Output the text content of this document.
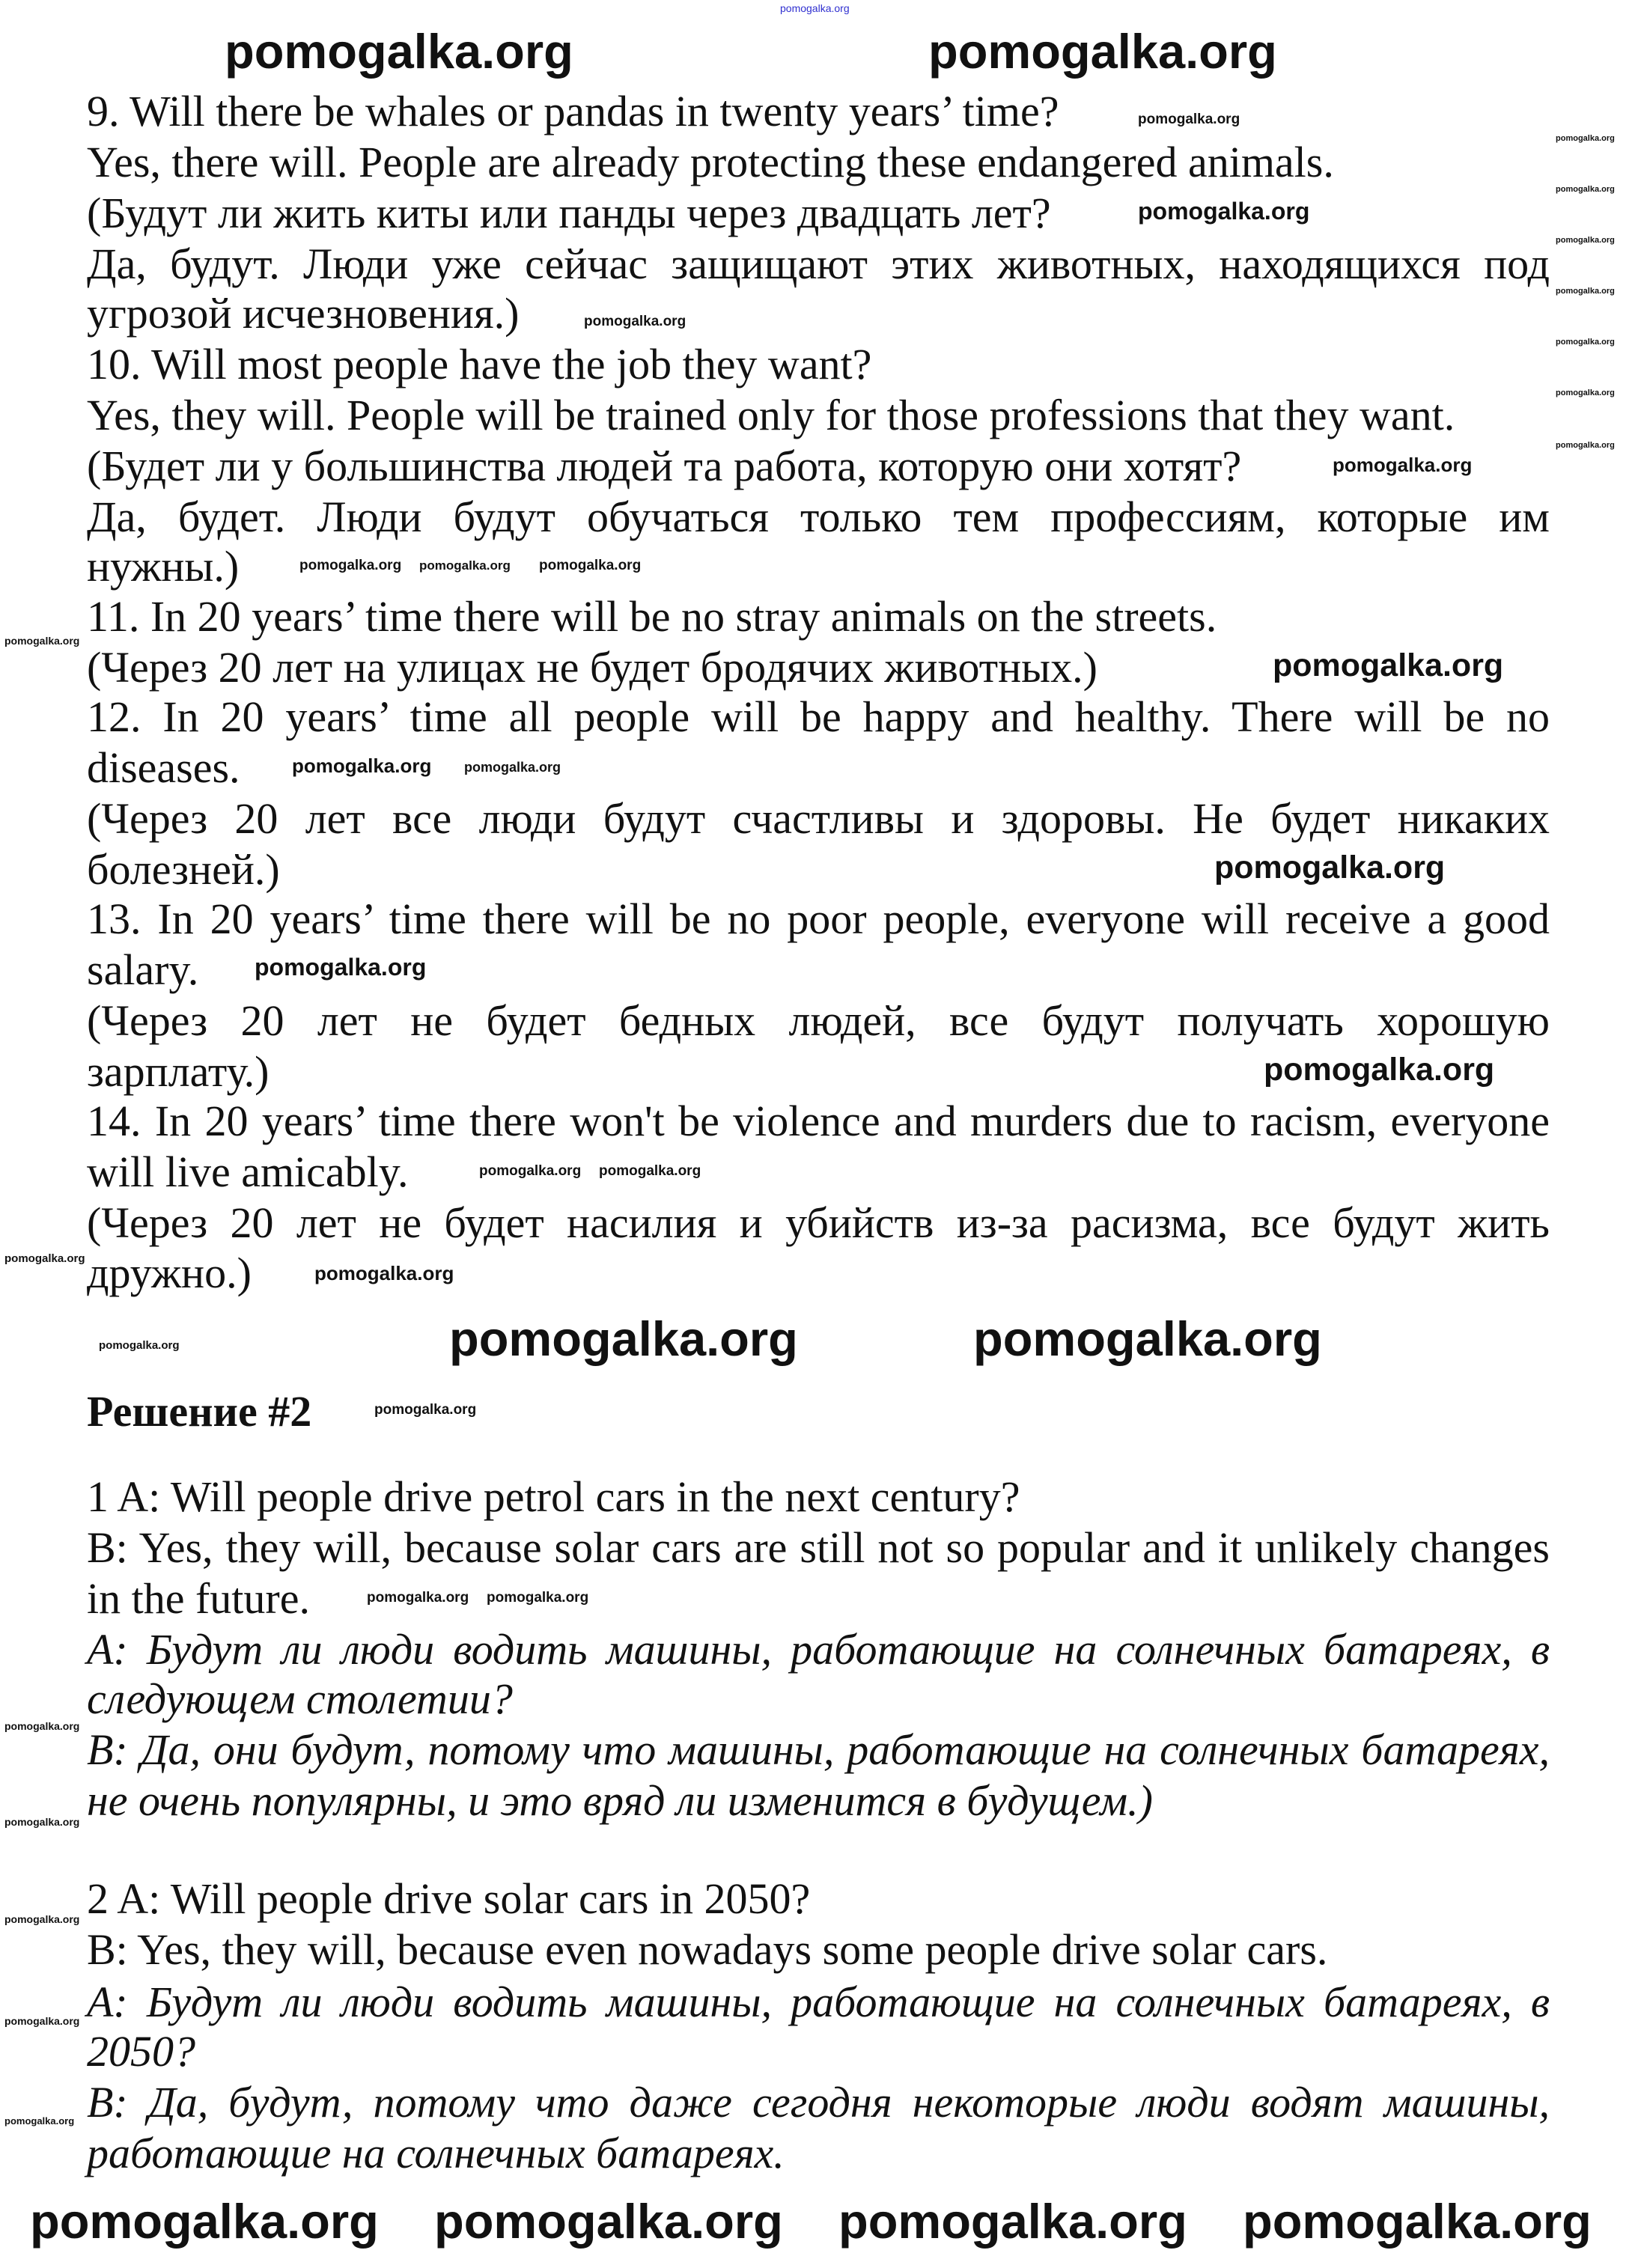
9. Will there be whales or pandas in twenty years’ time?
Yes, there will. People are already protecting these endangered animals.
(Будут ли жить киты или панды через двадцать лет?
Да, будут. Люди уже сейчас защищают этих животных, находящихся под
угрозой исчезновения.)
10. Will most people have the job they want?
Yes, they will. People will be trained only for those professions that they want.
(Будет ли у большинства людей та работа, которую они хотят?
Да, будет. Люди будут обучаться только тем профессиям, которые им
нужны.)
11. In 20 years’ time there will be no stray animals on the streets.
(Через 20 лет на улицах не будет бродячих животных.)
12. In 20 years’ time all people will be happy and healthy. There will be no
diseases.
(Через 20 лет все люди будут счастливы и здоровы. Не будет никаких
болезней.)
13. In 20 years’ time there will be no poor people, everyone will receive a good
salary.
(Через 20 лет не будет бедных людей, все будут получать хорошую
зарплату.)
14. In 20 years’ time there won't be violence and murders due to racism, everyone
will live amicably.
(Через 20 лет не будет насилия и убийств из-за расизма, все будут жить
дружно.)
Решение #2
1 A: Will people drive petrol cars in the next century?
B: Yes, they will, because solar cars are still not so popular and it unlikely changes
in the future.
A: Будут ли люди водить машины, работающие на солнечных батареях, в
следующем столетии?
B: Да, они будут, потому что машины, работающие на солнечных батареях,
не очень популярны, и это вряд ли изменится в будущем.)
2 A: Will people drive solar cars in 2050?
B: Yes, they will, because even nowadays some people drive solar cars.
A: Будут ли люди водить машины, работающие на солнечных батареях, в
2050?
B: Да, будут, потому что даже сегодня некоторые люди водят машины,
работающие на солнечных батареях.
pomogalka.org
pomogalka.org
pomogalka.org
pomogalka.org
pomogalka.org
pomogalka.org
pomogalka.org
pomogalka.org
pomogalka.org
pomogalka.org
pomogalka.org
pomogalka.org
pomogalka.org pomogalka.org pomogalka.org
pomogalka.org
pomogalka.org
pomogalka.org
pomogalka.org
pomogalka.org
pomogalka.org
pomogalka.org
pomogalka.org pomogalka.org
pomogalka.org
pomogalka.org
pomogalka.org
pomogalka.org
pomogalka.org pomogalka.org
pomogalka.org
pomogalka.org
pomogalka.org
pomogalka.org
pomogalka.org
pomogalka.org	pomogalka.org
pomogalka.org	pomogalka.org
pomogalka.org pomogalka.org pomogalka.org pomogalka.org
